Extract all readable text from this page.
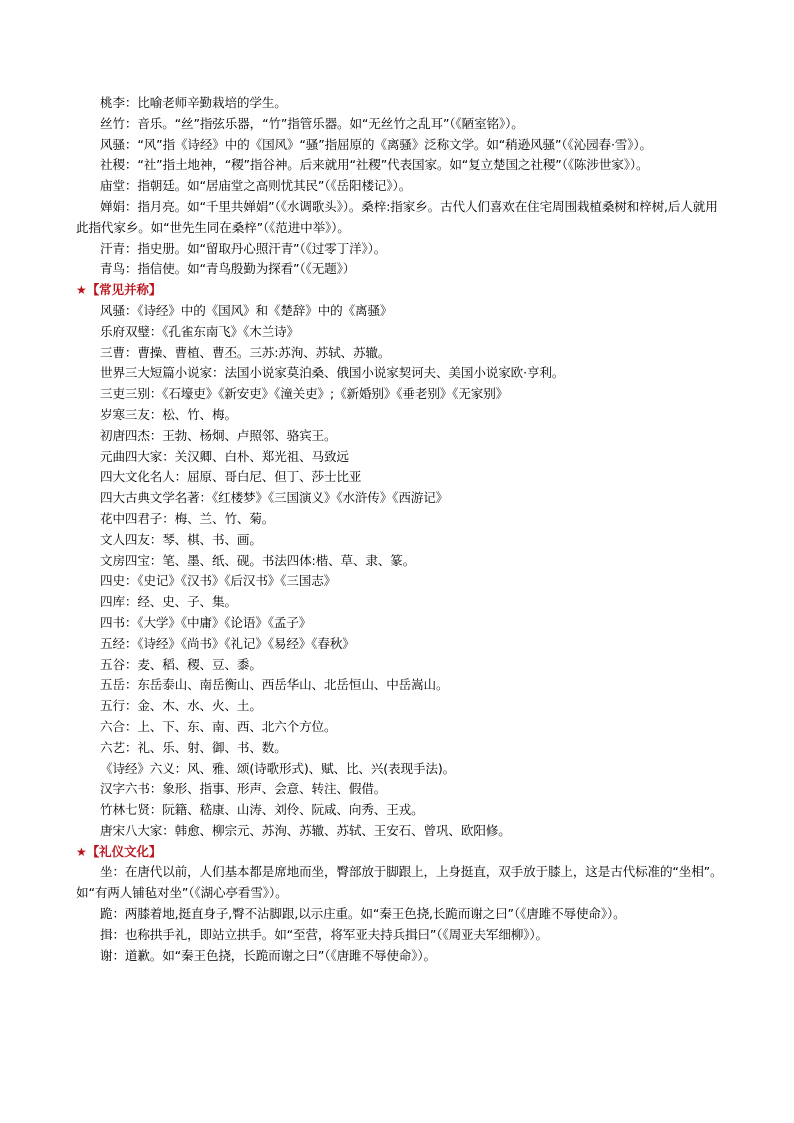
桃李：比喻老师辛勤栽培的学生。

丝竹：音乐。“丝”指弦乐器，“竹”指管乐器。如“无丝竹之乱耳”（《陋室铭》）。

风骚：“风”指《诗经》中的《国风》“骚”指屈原的《离骚》泛称文学。如“稍逊风骚”（《沁园春·雪》）。

社稷：“社”指土地神，“稷”指谷神。后来就用“社稷”代表国家。如“复立楚国之社稷”（《陈涉世家》）。

庙堂：指朝廷。如“居庙堂之高则忧其民”（《岳阳楼记》）。

婵娟：指月亮。如“千里共婵娟”（《水调歌头》）。桑梓:指家乡。古代人们喜欢在住宅周围栽植桑树和梓树,后人就用此指代家乡。如“世先生同在桑梓”（《范进中举》）。

汗青：指史册。如“留取丹心照汗青”（《过零丁洋》）。

青鸟：指信使。如“青鸟殷勤为探看”（《无题》）

★【常见并称】

风骚：《诗经》中的《国风》和《楚辞》中的《离骚》

乐府双璧：《孔雀东南飞》《木兰诗》

三曹：曹操、曹植、曹丕。三苏:苏洵、苏轼、苏辙。

世界三大短篇小说家：法国小说家莫泊桑、俄国小说家契诃夫、美国小说家欧·亨利。

三吏三别：《石壕吏》《新安吏》《潼关吏》;《新婚别》《垂老别》《无家别》

岁寒三友：松、竹、梅。

初唐四杰：王勃、杨炯、卢照邻、骆宾王。

元曲四大家：关汉卿、白朴、郑光祖、马致远

四大文化名人：屈原、哥白尼、但丁、莎士比亚

四大古典文学名著：《红楼梦》《三国演义》《水浒传》《西游记》

花中四君子：梅、兰、竹、菊。

文人四友：琴、棋、书、画。

文房四宝：笔、墨、纸、砚。书法四体:楷、草、隶、篆。

四史：《史记》《汉书》《后汉书》《三国志》

四库：经、史、子、集。

四书：《大学》《中庸》《论语》《孟子》

五经：《诗经》《尚书》《礼记》《易经》《春秋》

五谷：麦、稻、稷、豆、黍。

五岳：东岳泰山、南岳衡山、西岳华山、北岳恒山、中岳嵩山。

五行：金、木、水、火、土。

六合：上、下、东、南、西、北六个方位。

六艺：礼、乐、射、御、书、数。

《诗经》六义：风、雅、颂(诗歌形式)、赋、比、兴(表现手法)。

汉字六书：象形、指事、形声、会意、转注、假借。

竹林七贤：阮籍、嵇康、山涛、刘伶、阮咸、向秀、王戎。

唐宋八大家：韩愈、柳宗元、苏洵、苏辙、苏轼、王安石、曾巩、欧阳修。

★【礼仪文化】

坐：在唐代以前，人们基本都是席地而坐，臀部放于脚跟上，上身挺直，双手放于膝上，这是古代标准的“坐相”。如“有两人铺毡对坐”（《湖心亭看雪》）。

跪：两膝着地,挺直身子,臀不沾脚跟,以示庄重。如“秦王色挠,长跪而谢之曰”（《唐雎不辱使命》）。

揖：也称拱手礼，即站立拱手。如“至营，将军亚夫持兵揖曰”（《周亚夫军细柳》）。

谢：道歉。如“秦王色挠，长跪而谢之曰”（《唐雎不辱使命》）。
